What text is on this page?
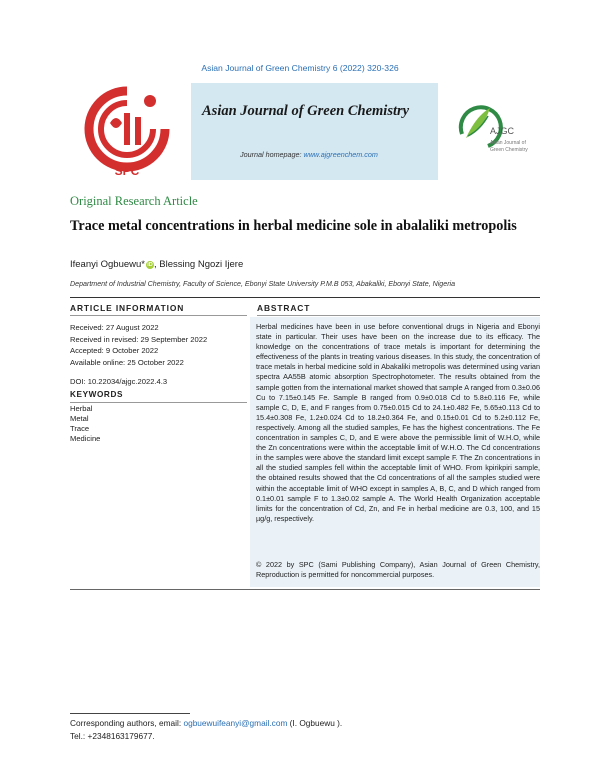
Asian Journal of Green Chemistry 6 (2022) 320-326
SPC
Asian Journal of Green Chemistry
Journal homepage: www.ajgreenchem.com
AJGC
Asian Journal of
Green Chemistry
Original Research Article
Trace metal concentrations in herbal medicine sole in abalaliki metropolis
Ifeanyi Ogbuewu* iD, Blessing Ngozi Ijere
Department of Industrial Chemistry, Faculty of Science, Ebonyi State University P.M.B 053, Abakaliki, Ebonyi State, Nigeria
ARTICLE INFORMATION	ABSTRACT
Received: 27 August 2022
Received in revised: 29 September 2022
Accepted: 9 October 2022
Available online: 25 October 2022
DOI: 10.22034/ajgc.2022.4.3
KEYWORDS
Herbal
Metal
Trace
Medicine

Herbal medicines have been in use before conventional drugs in Nigeria and Ebonyi state in particular. Their uses have been on the increase due to its efficacy. The knowledge on the concentrations of trace metals is important for determining the effectiveness of the plants in treating various diseases. In this study, the concentration of trace metals in herbal medicine sold in Abakaliki metropolis was determined using varian spectra AA55B atomic absorption Spectrophotometer. The results obtained from the sample gotten from the international market showed that sample A ranged from 0.3±0.06 Cu to 7.15±0.145 Fe. Sample B ranged from 0.9±0.018 Cd to 5.8±0.116 Fe, while sample C, D, E, and F ranges from 0.75±0.015 Cd to 24.1±0.482 Fe, 5.65±0.113 Cd to 15.4±0.308 Fe, 1.2±0.024 Cd to 18.2±0.364 Fe, and 0.15±0.01 Cd to 5.2±0.112 Fe, respectively. Among all the studied samples, Fe has the highest concentrations. The Fe concentration in samples C, D, and E were above the permissible limit of W.H.O, while the Zn concentrations were within the acceptable limit of W.H.O. The Cd concentrations in the samples were above the standard limit except sample F. The Zn concentrations in all the studied samples fell within the acceptable limit of WHO. From kpirikpiri sample, the obtained results showed that the Cd concentrations of all the samples studied were within the acceptable limit of WHO except in samples A, B, C, and D which ranged from 0.1±0.01 sample F to 1.3±0.02 sample A. The World Health Organization acceptable limits for the concentration of Cd, Zn, and Fe in herbal medicine are 0.3, 100, and 15 µg/g, respectively.

© 2022 by SPC (Sami Publishing Company), Asian Journal of Green Chemistry, Reproduction is permitted for noncommercial purposes.

Corresponding authors, email: ogbuewuifeanyi@gmail.com (I. Ogbuewu ).
Tel.: +2348163179677.
